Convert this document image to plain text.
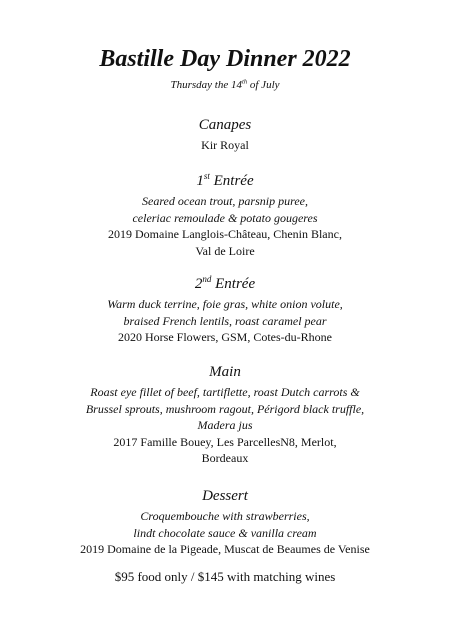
Bastille Day Dinner 2022

Thursday the 14th of July

Canapes

Kir Royal

1st Entrée

Seared ocean trout, parsnip puree,

celeriac remoulade & potato gougeres

2019 Domaine Langlois-Château, Chenin Blanc,

Val de Loire

2nd Entrée

Warm duck terrine, foie gras, white onion volute,

braised French lentils, roast caramel pear

2020 Horse Flowers, GSM, Cotes-du-Rhone

Main

Roast eye fillet of beef, tartiflette, roast Dutch carrots &

Brussel sprouts, mushroom ragout, Périgord black truffle,

Madera jus

2017 Famille Bouey, Les ParcellesN8, Merlot,

Bordeaux

Dessert

Croquembouche with strawberries,

lindt chocolate sauce & vanilla cream

2019 Domaine de la Pigeade, Muscat de Beaumes de Venise

$95 food only / $145 with matching wines
